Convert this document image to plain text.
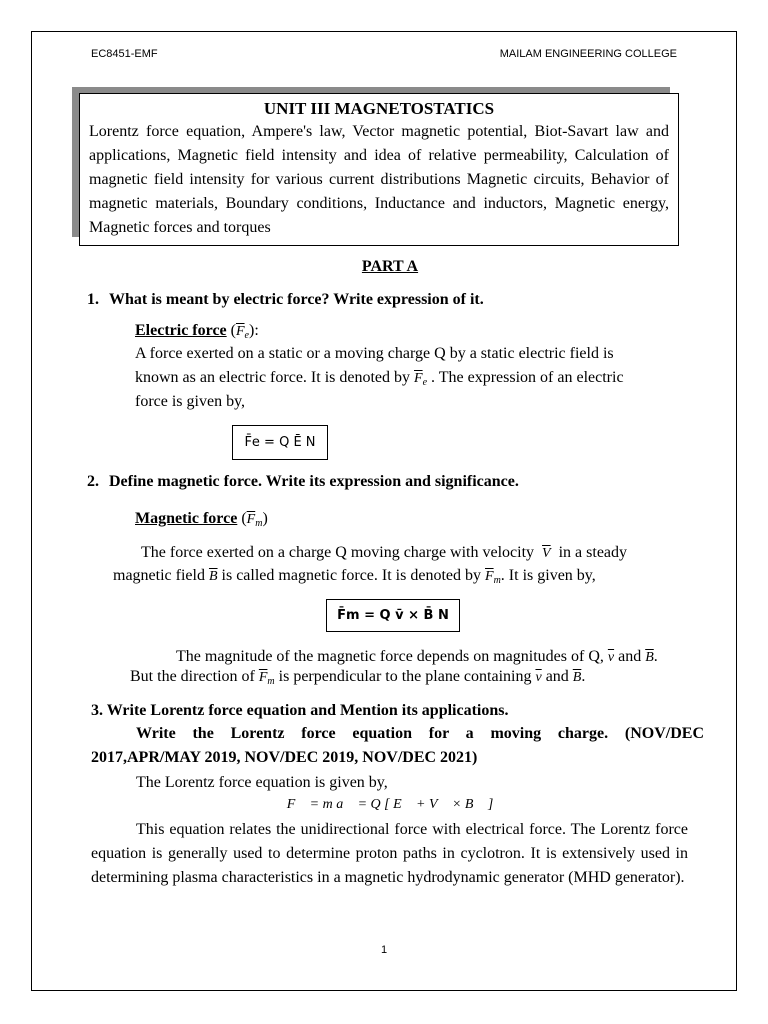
EC8451-EMF	MAILAM ENGINEERING COLLEGE
UNIT III MAGNETOSTATICS
Lorentz force equation, Ampere's law, Vector magnetic potential, Biot-Savart law and applications, Magnetic field intensity and idea of relative permeability, Calculation of magnetic field intensity for various current distributions Magnetic circuits, Behavior of magnetic materials, Boundary conditions, Inductance and inductors, Magnetic energy, Magnetic forces and torques
PART A
1. What is meant by electric force? Write expression of it.
Electric force $(\overline{F}_e)$:
A force exerted on a static or a moving charge Q by a static electric field is
known as an electric force. It is denoted by $\overline{F}_e$ . The expression of an electric
force is given by,
F̄e = Q Ē N
2. Define magnetic force. Write its expression and significance.
Magnetic force $(\overline{F}_m)$
The force exerted on a charge Q moving charge with velocity $\overline{V}$ in a steady
magnetic field $\overline{B}$ is called magnetic force. It is denoted by $\overline{F}_m$. It is given by,
F̄m = Q v̄ × B̄ N
The magnitude of the magnetic force depends on magnitudes of Q, $\overline{v}$ and $\overline{B}$.
But the direction of $\overline{F}_m$ is perpendicular to the plane containing $\overline{v}$ and $\overline{B}$.
3. Write Lorentz force equation and Mention its applications.
Write the Lorentz force equation for a moving charge. (NOV/DEC
2017,APR/MAY 2019, NOV/DEC 2019, NOV/DEC 2021)
The Lorentz force equation is given by,
F⃗ = m a⃗ = Q [ E⃗ + V⃗ × B⃗ ]
This equation relates the unidirectional force with electrical force. The Lorentz force equation is generally used to determine proton paths in cyclotron. It is extensively used in determining plasma characteristics in a magnetic hydrodynamic generator (MHD generator).
1
